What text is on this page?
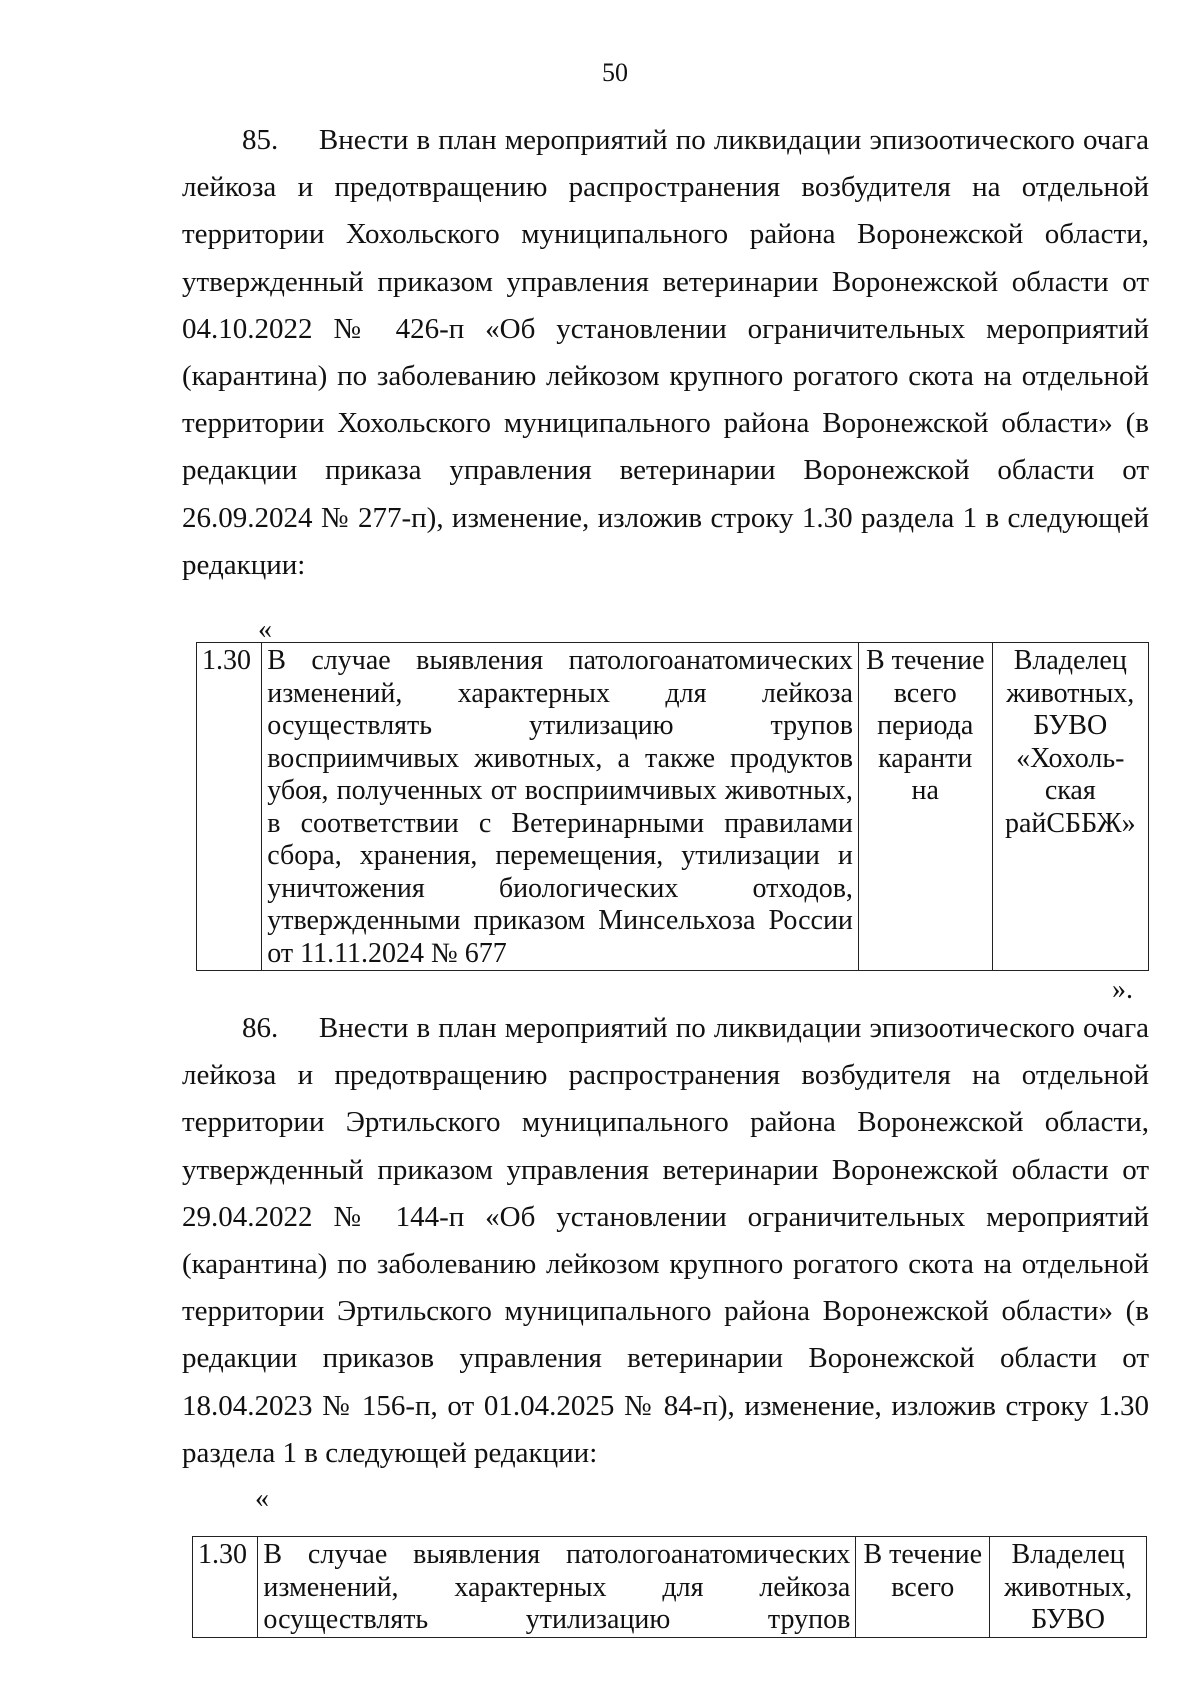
50

85.     Внести в план мероприятий по ликвидации эпизоотического очага лейкоза и предотвращению распространения возбудителя на отдельной территории Хохольского муниципального района Воронежской области, утвержденный приказом управления ветеринарии Воронежской области от 04.10.2022 № 426-п «Об установлении ограничительных мероприятий (карантина) по заболеванию лейкозом крупного рогатого скота на отдельной территории Хохольского муниципального района Воронежской области» (в редакции приказа управления ветеринарии Воронежской области от 26.09.2024 № 277-п), изменение, изложив строку 1.30 раздела 1 в следующей редакции:

«
1.30	В случае выявления патологоанатомических изменений, характерных для лейкоза осуществлять утилизацию трупов восприимчивых животных, а также продуктов убоя, полученных от восприимчивых животных, в соответствии с Ветеринарными правилами сбора, хранения, перемещения, утилизации и уничтожения биологических отходов, утвержденными приказом Минсельхоза России от 11.11.2024 № 677	В течение всего периода каранти на	Владелец животных, БУВО «Хохоль-ская райСББЖ»
».

86.     Внести в план мероприятий по ликвидации эпизоотического очага лейкоза и предотвращению распространения возбудителя на отдельной территории Эртильского муниципального района Воронежской области, утвержденный приказом управления ветеринарии Воронежской области от 29.04.2022 № 144-п «Об установлении ограничительных мероприятий (карантина) по заболеванию лейкозом крупного рогатого скота на отдельной территории Эртильского муниципального района Воронежской области» (в редакции приказов управления ветеринарии Воронежской области от 18.04.2023 № 156-п, от 01.04.2025 № 84-п), изменение, изложив строку 1.30 раздела 1 в следующей редакции:

«
1.30	В случае выявления патологоанатомических изменений, характерных для лейкоза осуществлять утилизацию трупов	В течение всего	Владелец животных, БУВО
